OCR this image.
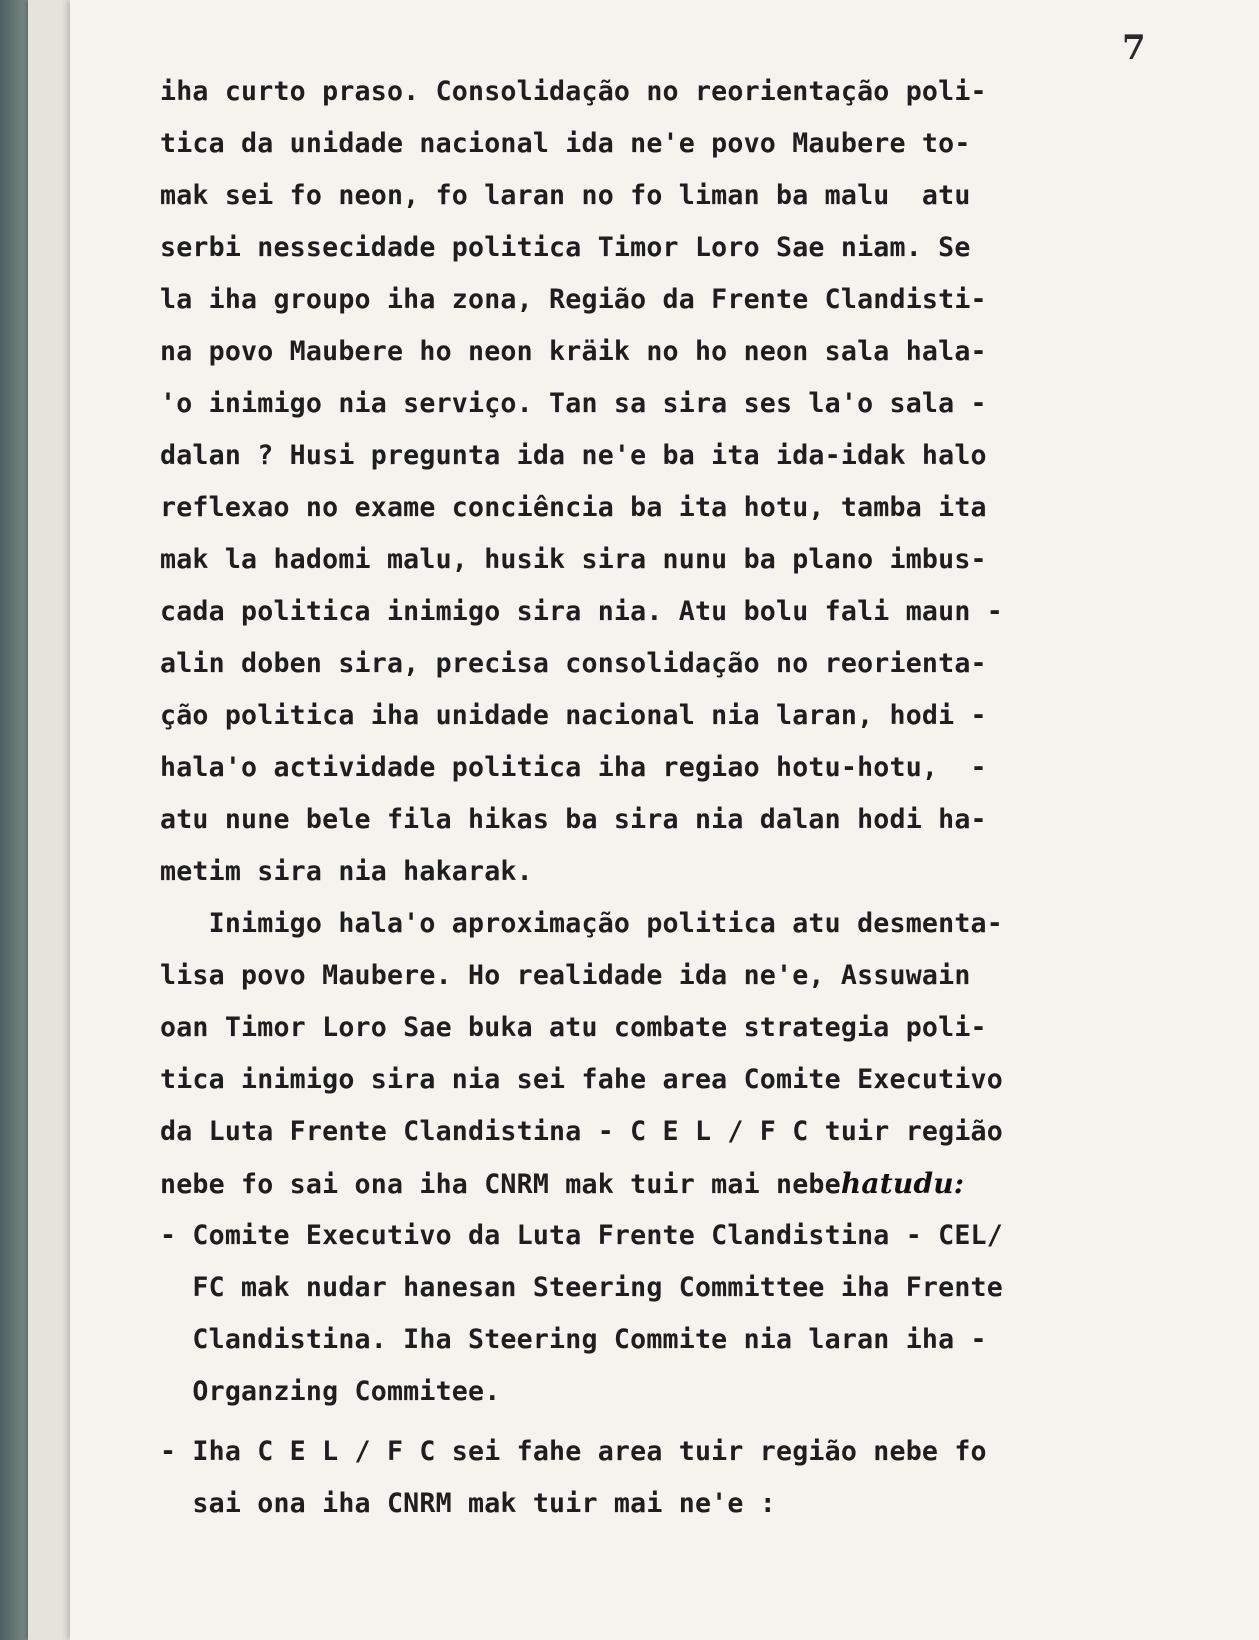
7
iha curto praso. Consolidação no reorientação poli-
tica da unidade nacional ida ne'e povo Maubere to-
mak sei fo neon, fo laran no fo liman ba malu  atu
serbi nessecidade politica Timor Loro Sae niam. Se
la iha groupo iha zona, Região da Frente Clandisti-
na povo Maubere ho neon kräik no ho neon sala hala-
'o inimigo nia serviço. Tan sa sira ses la'o sala -
dalan ? Husi pregunta ida ne'e ba ita ida-idak halo
reflexao no exame conciência ba ita hotu, tamba ita
mak la hadomi malu, husik sira nunu ba plano imbus-
cada politica inimigo sira nia. Atu bolu fali maun -
alin doben sira, precisa consolidação no reorienta-
ção politica iha unidade nacional nia laran, hodi -
hala'o actividade politica iha regiao hotu-hotu,  -
atu nune bele fila hikas ba sira nia dalan hodi ha-
metim sira nia hakarak.
Inimigo hala'o aproximação politica atu desmenta-
lisa povo Maubere. Ho realidade ida ne'e, Assuwain
oan Timor Loro Sae buka atu combate strategia poli-
tica inimigo sira nia sei fahe area Comite Executivo
da Luta Frente Clandistina - C E L / F C tuir região
nebe fo sai ona iha CNRM mak tuir mai nebehatudu:
- Comite Executivo da Luta Frente Clandistina - CEL/
FC mak nudar hanesan Steering Committee iha Frente
Clandistina. Iha Steering Commite nia laran iha -
Organzing Commitee.
- Iha C E L / F C sei fahe area tuir região nebe fo
sai ona iha CNRM mak tuir mai ne'e :
